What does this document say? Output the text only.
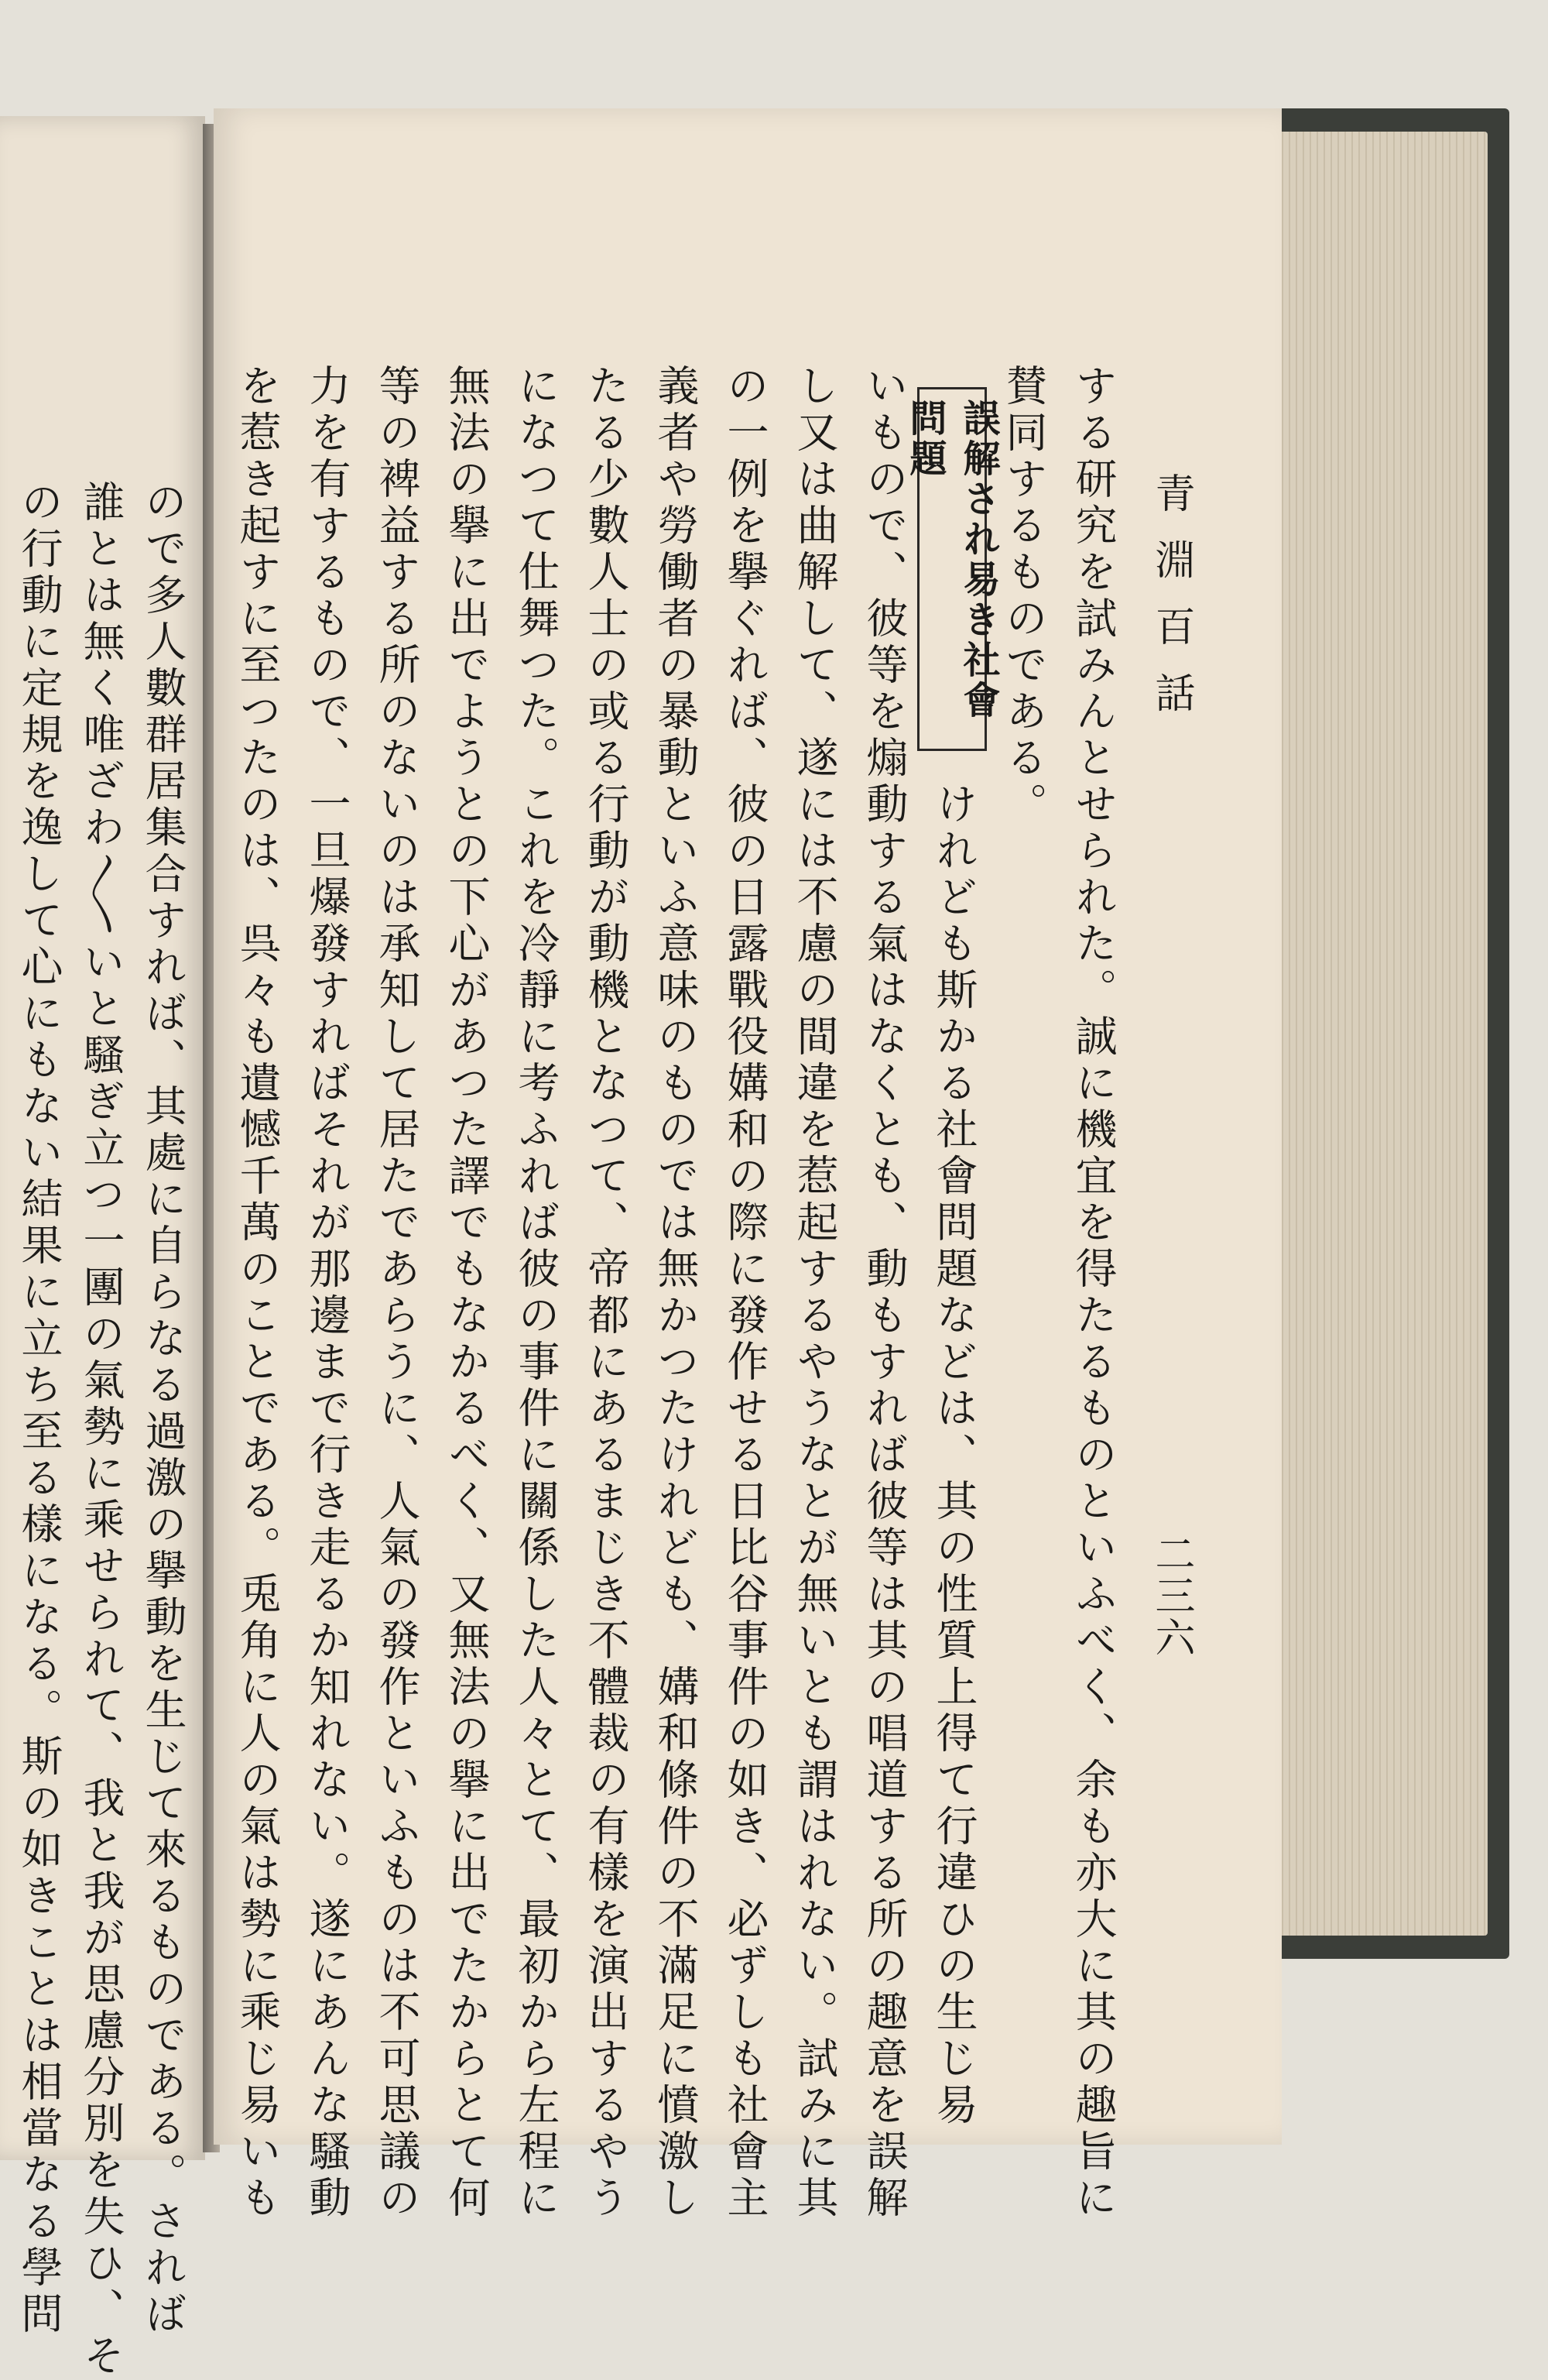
ので多人數群居集合すれば、其處に自らなる過激の擧動を生じて來るものである。されば
誰とは無く唯ざわ〳〵いと騷ぎ立つ一團の氣勢に乘せられて、我と我が思慮分別を失ひ、そ
の行動に定規を逸して心にもない結果に立ち至る樣になる。斯の如きことは相當なる學問	青淵百話
二三六
する研究を試みんとせられた。誠に機宜を得たるものといふべく、余も亦大に其の趣旨に
賛同するものである。
誤解され易き社會問題
けれども斯かる社會問題などは、其の性質上得て行違ひの生じ易
いもので、彼等を煽動する氣はなくとも、動もすれば彼等は其の唱道する所の趣意を誤解
し又は曲解して、遂には不慮の間違を惹起するやうなとが無いとも謂はれない。試みに其
の一例を擧ぐれば、彼の日露戰役媾和の際に發作せる日比谷事件の如き、必ずしも社會主
義者や勞働者の暴動といふ意味のものでは無かつたけれども、媾和條件の不滿足に憤激し
たる少數人士の或る行動が動機となつて、帝都にあるまじき不體裁の有樣を演出するやう
になつて仕舞つた。これを冷靜に考ふれば彼の事件に關係した人々とて、最初から左程に
無法の擧に出でようとの下心があつた譯でもなかるべく、又無法の擧に出でたからとて何
等の裨益する所のないのは承知して居たであらうに、人氣の發作といふものは不可思議の
力を有するもので、一旦爆發すればそれが那邊まで行き走るか知れない。遂にあんな騷動
を惹き起すに至つたのは、呉々も遺憾千萬のことである。兎角に人の氣は勢に乘じ易いも
